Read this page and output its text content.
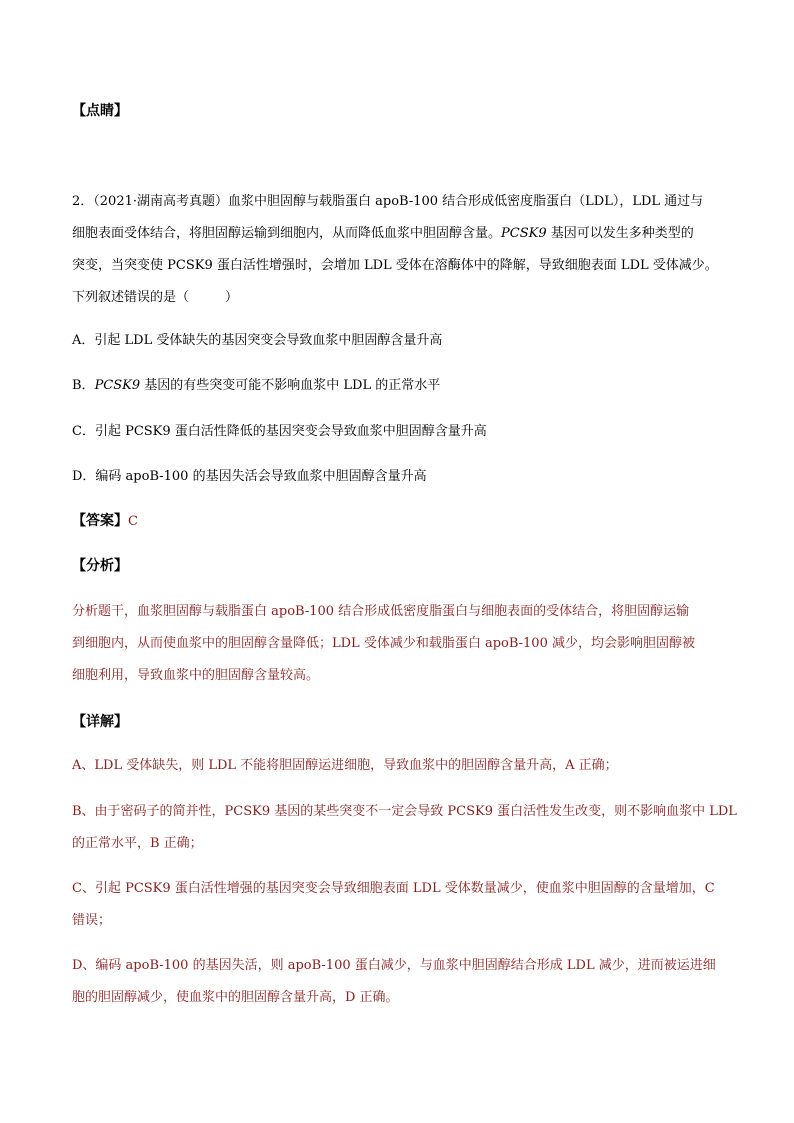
【点睛】
2．（2021·湖南高考真题）血浆中胆固醇与载脂蛋白 apoB-100 结合形成低密度脂蛋白（LDL），LDL 通过与
细胞表面受体结合，将胆固醇运输到细胞内，从而降低血浆中胆固醇含量。PCSK9 基因可以发生多种类型的
突变，当突变使 PCSK9 蛋白活性增强时，会增加 LDL 受体在溶酶体中的降解，导致细胞表面 LDL 受体减少。
下列叙述错误的是（	）
A．引起 LDL 受体缺失的基因突变会导致血浆中胆固醇含量升高
B．PCSK9 基因的有些突变可能不影响血浆中 LDL 的正常水平
C．引起 PCSK9 蛋白活性降低的基因突变会导致血浆中胆固醇含量升高
D．编码 apoB-100 的基因失活会导致血浆中胆固醇含量升高
【答案】C
【分析】
分析题干，血浆胆固醇与载脂蛋白 apoB-100 结合形成低密度脂蛋白与细胞表面的受体结合，将胆固醇运输
到细胞内，从而使血浆中的胆固醇含量降低；LDL 受体减少和载脂蛋白 apoB-100 减少，均会影响胆固醇被
细胞利用，导致血浆中的胆固醇含量较高。
【详解】
A、LDL 受体缺失，则 LDL 不能将胆固醇运进细胞，导致血浆中的胆固醇含量升高，A 正确；
B、由于密码子的简并性，PCSK9 基因的某些突变不一定会导致 PCSK9 蛋白活性发生改变，则不影响血浆中 LDL
的正常水平，B 正确；
C、引起 PCSK9 蛋白活性增强的基因突变会导致细胞表面 LDL 受体数量减少，使血浆中胆固醇的含量增加，C
错误；
D、编码 apoB-100 的基因失活，则 apoB-100 蛋白减少，与血浆中胆固醇结合形成 LDL 减少，进而被运进细
胞的胆固醇减少，使血浆中的胆固醇含量升高，D 正确。
